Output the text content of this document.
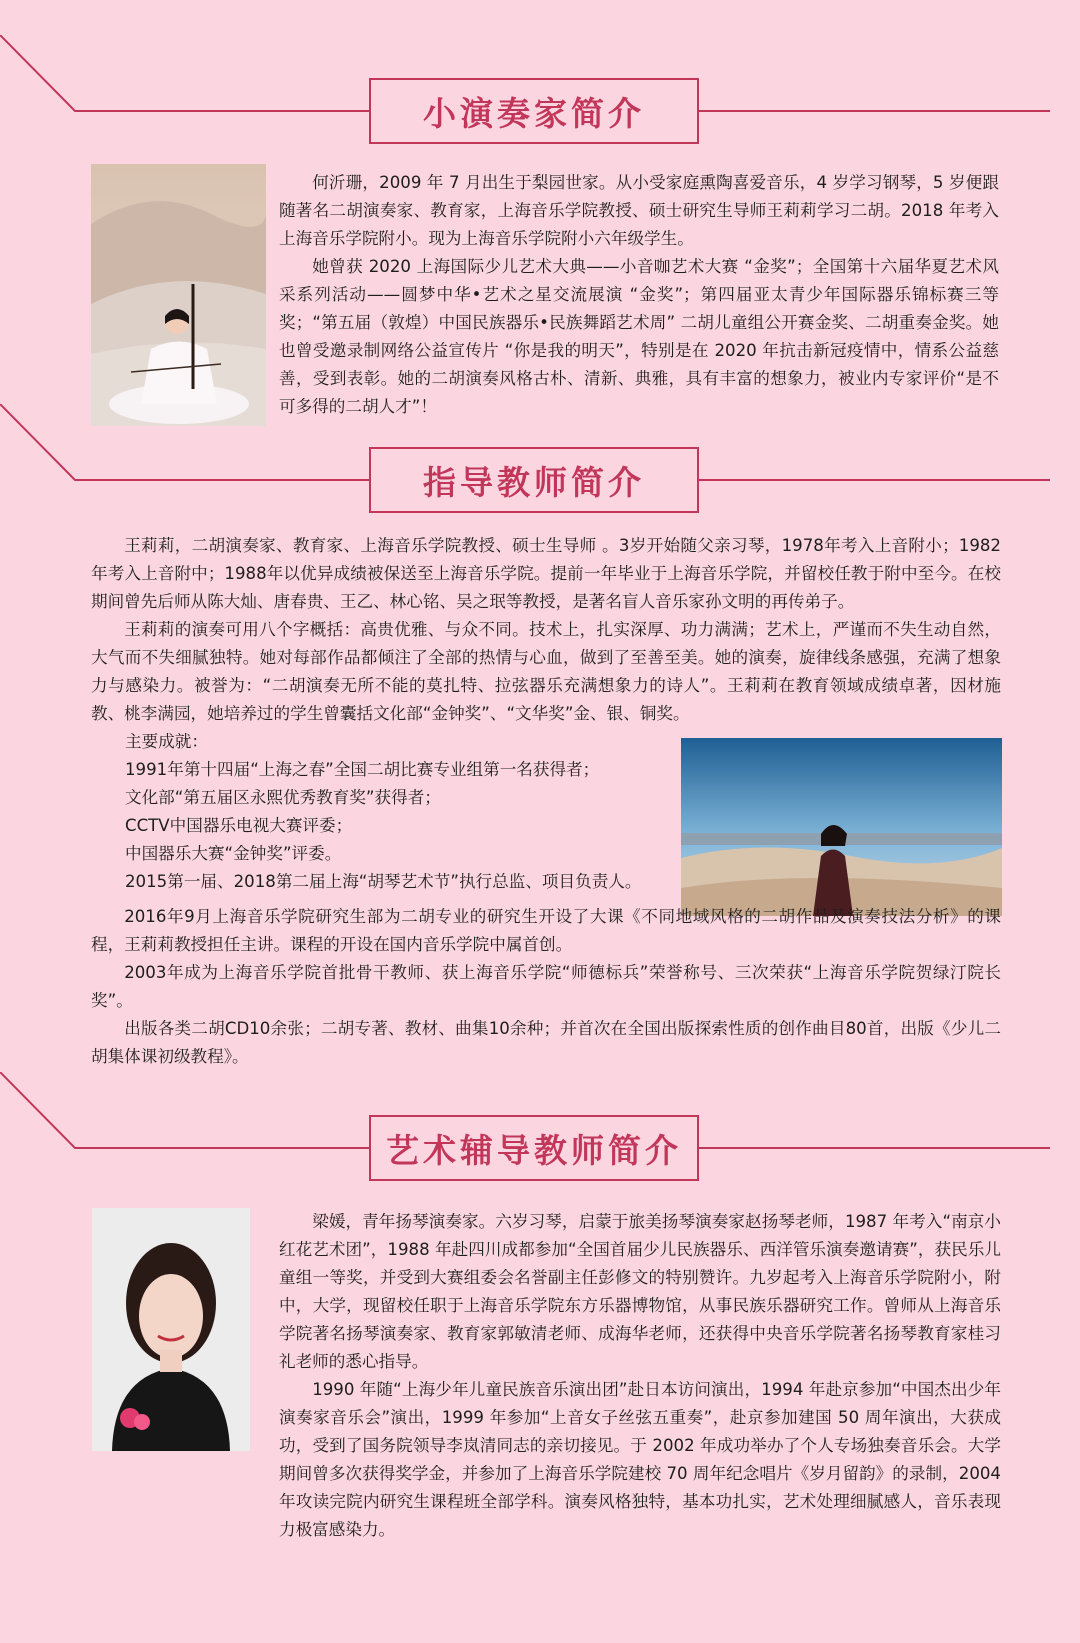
小演奏家简介

何沂珊，2009 年 7 月出生于梨园世家。从小受家庭熏陶喜爱音乐，4 岁学习钢琴，5 岁便跟随著名二胡演奏家、教育家，上海音乐学院教授、硕士研究生导师王莉莉学习二胡。2018 年考入上海音乐学院附小。现为上海音乐学院附小六年级学生。

她曾获 2020 上海国际少儿艺术大典——小音咖艺术大赛 “金奖”；全国第十六届华夏艺术风采系列活动——圆梦中华•艺术之星交流展演 “金奖”；第四届亚太青少年国际器乐锦标赛三等奖；“第五届（敦煌）中国民族器乐•民族舞蹈艺术周” 二胡儿童组公开赛金奖、二胡重奏金奖。她也曾受邀录制网络公益宣传片 “你是我的明天”，特别是在 2020 年抗击新冠疫情中，情系公益慈善，受到表彰。她的二胡演奏风格古朴、清新、典雅，具有丰富的想象力，被业内专家评价“是不可多得的二胡人才”！

指导教师简介

王莉莉，二胡演奏家、教育家、上海音乐学院教授、硕士生导师 。3岁开始随父亲习琴，1978年考入上音附小；1982年考入上音附中；1988年以优异成绩被保送至上海音乐学院。提前一年毕业于上海音乐学院，并留校任教于附中至今。在校期间曾先后师从陈大灿、唐春贵、王乙、林心铭、吴之珉等教授，是著名盲人音乐家孙文明的再传弟子。

王莉莉的演奏可用八个字概括：高贵优雅、与众不同。技术上，扎实深厚、功力满满；艺术上，严谨而不失生动自然，大气而不失细腻独特。她对每部作品都倾注了全部的热情与心血，做到了至善至美。她的演奏，旋律线条感强，充满了想象力与感染力。被誉为：“二胡演奏无所不能的莫扎特、拉弦器乐充满想象力的诗人”。王莉莉在教育领域成绩卓著，因材施教、桃李满园，她培养过的学生曾囊括文化部“金钟奖”、“文华奖”金、银、铜奖。

主要成就：
1991年第十四届“上海之春”全国二胡比赛专业组第一名获得者；
文化部“第五届区永熙优秀教育奖”获得者；
CCTV中国器乐电视大赛评委；
中国器乐大赛“金钟奖”评委。
2015第一届、2018第二届上海“胡琴艺术节”执行总监、项目负责人。

2016年9月上海音乐学院研究生部为二胡专业的研究生开设了大课《不同地域风格的二胡作品及演奏技法分析》的课程，王莉莉教授担任主讲。课程的开设在国内音乐学院中属首创。

2003年成为上海音乐学院首批骨干教师、获上海音乐学院“师德标兵”荣誉称号、三次荣获“上海音乐学院贺绿汀院长奖”。

出版各类二胡CD10余张；二胡专著、教材、曲集10余种；并首次在全国出版探索性质的创作曲目80首，出版《少儿二胡集体课初级教程》。

艺术辅导教师简介

梁媛，青年扬琴演奏家。六岁习琴，启蒙于旅美扬琴演奏家赵扬琴老师，1987 年考入“南京小红花艺术团”，1988 年赴四川成都参加“全国首届少儿民族器乐、西洋管乐演奏邀请赛”，获民乐儿童组一等奖，并受到大赛组委会名誉副主任彭修文的特别赞许。九岁起考入上海音乐学院附小，附中，大学，现留校任职于上海音乐学院东方乐器博物馆，从事民族乐器研究工作。曾师从上海音乐学院著名扬琴演奏家、教育家郭敏清老师、成海华老师，还获得中央音乐学院著名扬琴教育家桂习礼老师的悉心指导。

1990 年随“上海少年儿童民族音乐演出团”赴日本访问演出，1994 年赴京参加“中国杰出少年演奏家音乐会”演出，1999 年参加“上音女子丝弦五重奏”，赴京参加建国 50 周年演出，大获成功，受到了国务院领导李岚清同志的亲切接见。于 2002 年成功举办了个人专场独奏音乐会。大学期间曾多次获得奖学金，并参加了上海音乐学院建校 70 周年纪念唱片《岁月留韵》的录制，2004 年攻读完院内研究生课程班全部学科。演奏风格独特，基本功扎实，艺术处理细腻感人，音乐表现力极富感染力。
